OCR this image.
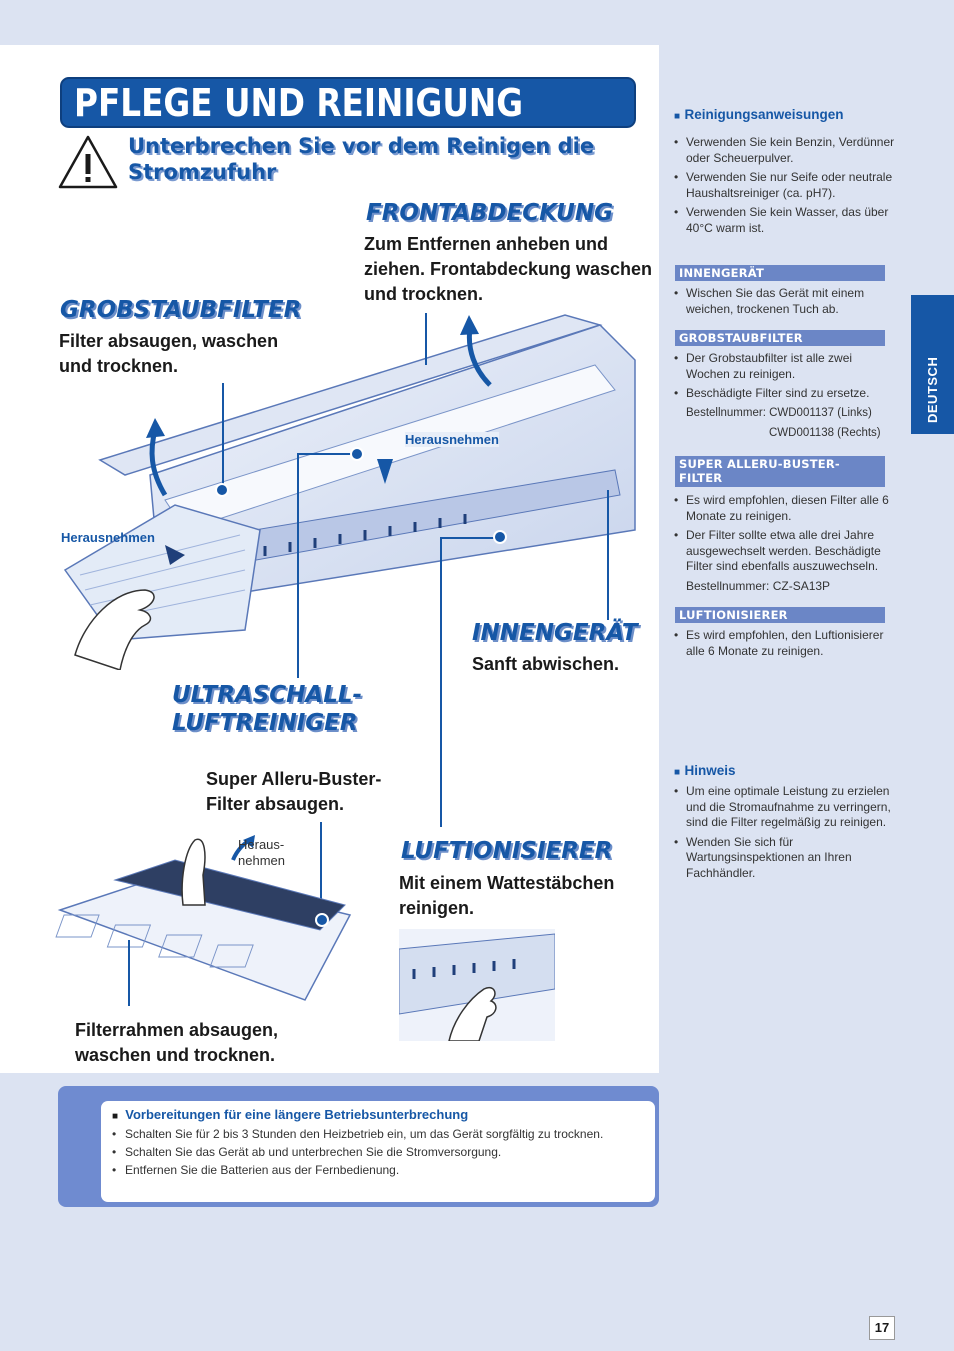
PFLEGE UND REINIGUNG
Unterbrechen Sie vor dem Reinigen die Stromzufuhr
FRONTABDECKUNG
Zum Entfernen anheben und ziehen. Frontabdeckung waschen und trocknen.
GROBSTAUBFILTER
Filter absaugen, waschen und trocknen.
Herausnehmen
Herausnehmen
INNENGERÄT
Sanft abwischen.
ULTRASCHALL-
LUFTREINIGER
Super Alleru-Buster- Filter absaugen.
Heraus- nehmen	LUFTIONISIERER
Mit einem Wattestäbchen reinigen.
Filterrahmen absaugen, waschen und trocknen.
■ Vorbereitungen für eine längere Betriebsunterbrechung
• Schalten Sie für 2 bis 3 Stunden den Heizbetrieb ein, um das Gerät sorgfältig zu trocknen.
• Schalten Sie das Gerät ab und unterbrechen Sie die Stromversorgung.
• Entfernen Sie die Batterien aus der Fernbedienung.
■ Reinigungsanweisungen
• Verwenden Sie kein Benzin, Verdünner oder Scheuerpulver.
• Verwenden Sie nur Seife oder neutrale Haushaltsreiniger (ca. pH7).
• Verwenden Sie kein Wasser, das über 40°C warm ist.
INNENGERÄT
• Wischen Sie das Gerät mit einem weichen, trockenen Tuch ab.
GROBSTAUBFILTER
• Der Grobstaubfilter ist alle zwei Wochen zu reinigen.
• Beschädigte Filter sind zu ersetze.
Bestellnummer: CWD001137 (Links)
CWD001138 (Rechts)
SUPER ALLERU-BUSTER-FILTER
• Es wird empfohlen, diesen Filter alle 6 Monate zu reinigen.
• Der Filter sollte etwa alle drei Jahre ausgewechselt werden. Beschädigte Filter sind ebenfalls auszuwechseln.
Bestellnummer: CZ-SA13P
LUFTIONISIERER
• Es wird empfohlen, den Luftionisierer alle 6 Monate zu reinigen.
■ Hinweis
• Um eine optimale Leistung zu erzielen und die Stromaufnahme zu verringern, sind die Filter regelmäßig zu reinigen.
• Wenden Sie sich für Wartungsinspektionen an Ihren Fachhändler.
DEUTSCH
17
